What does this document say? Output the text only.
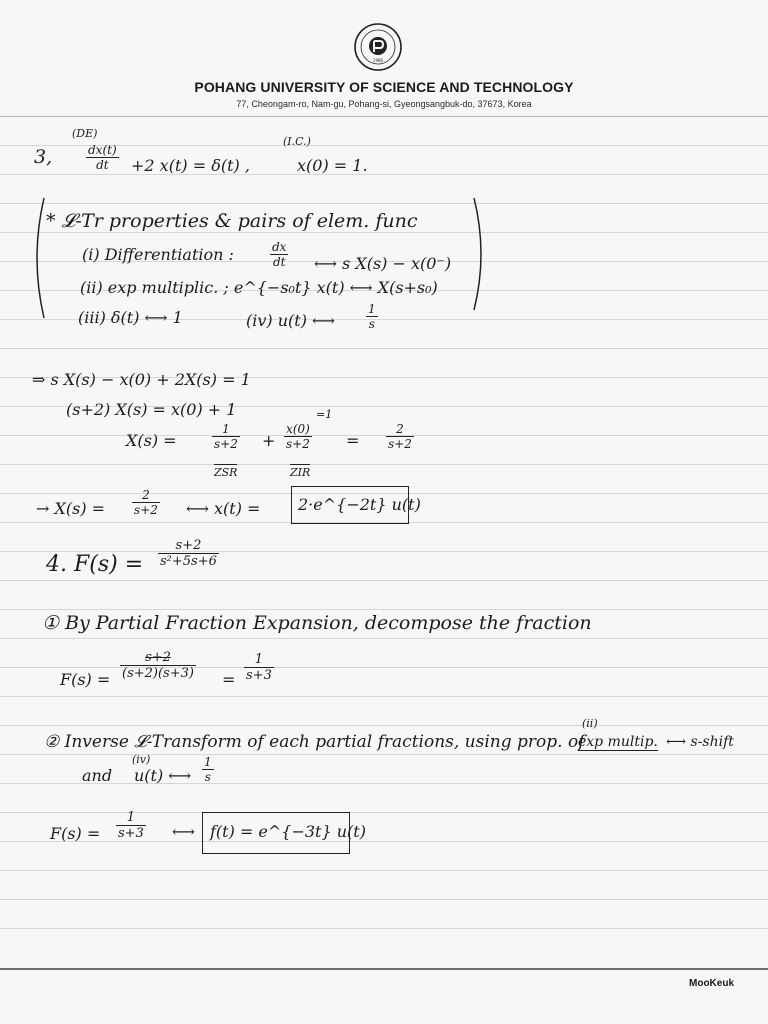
1986
POHANG UNIVERSITY OF SCIENCE AND TECHNOLOGY
77, Cheongam-ro, Nam-gu, Pohang-si, Gyeongsangbuk-do, 37673, Korea
(DE)
(I.C.)
3,	$\frac{dx(t)}{dt} +2$ x(t) = δ(t) ,	x(0) = 1.
* 𝓛-Tr properties & pairs of elem. func
(i) Differentiation :	$\frac{dx}{dt}$ ⟷ s X(s) − x(0⁻)
(ii) exp multiplic. ; e^{−s₀t} x(t) ⟷ X(s+s₀)
(iii) δ(t) ⟷ 1	(iv) u(t) ⟷	$\frac{1}{s}$
⇒ s X(s) − x(0) + 2X(s) = 1
(s+2) X(s) = x(0) + 1
X(s) =	$\frac{1}{s+2}$ +
=1
$\frac{x(0)}{s+2} = \frac{2}{s+2}$
ZSR	ZIR
→ $X(s) = \frac{2}{s+2}$ ⟷ x(t) = 2·e^{−2t} u(t)
4. $F(s) = \frac{s+2}{\text{s²+5s+6}}$
① By Partial Fraction Expansion, decompose the fraction
$F(s) = \frac{s+2}{(s+2)(s+3)} = \frac{1}{s+3}$
(ii)
② Inverse 𝓛-Transform of each partial fractions, using prop. of
exp multip. ⟷ s-shift
(iv)
and u(t) ⟷ $\frac{1}{s}$
$F(s) = \frac{1}{s+3}$ ⟷ f(t) = e^{−3t} u(t)
MooKeuk
